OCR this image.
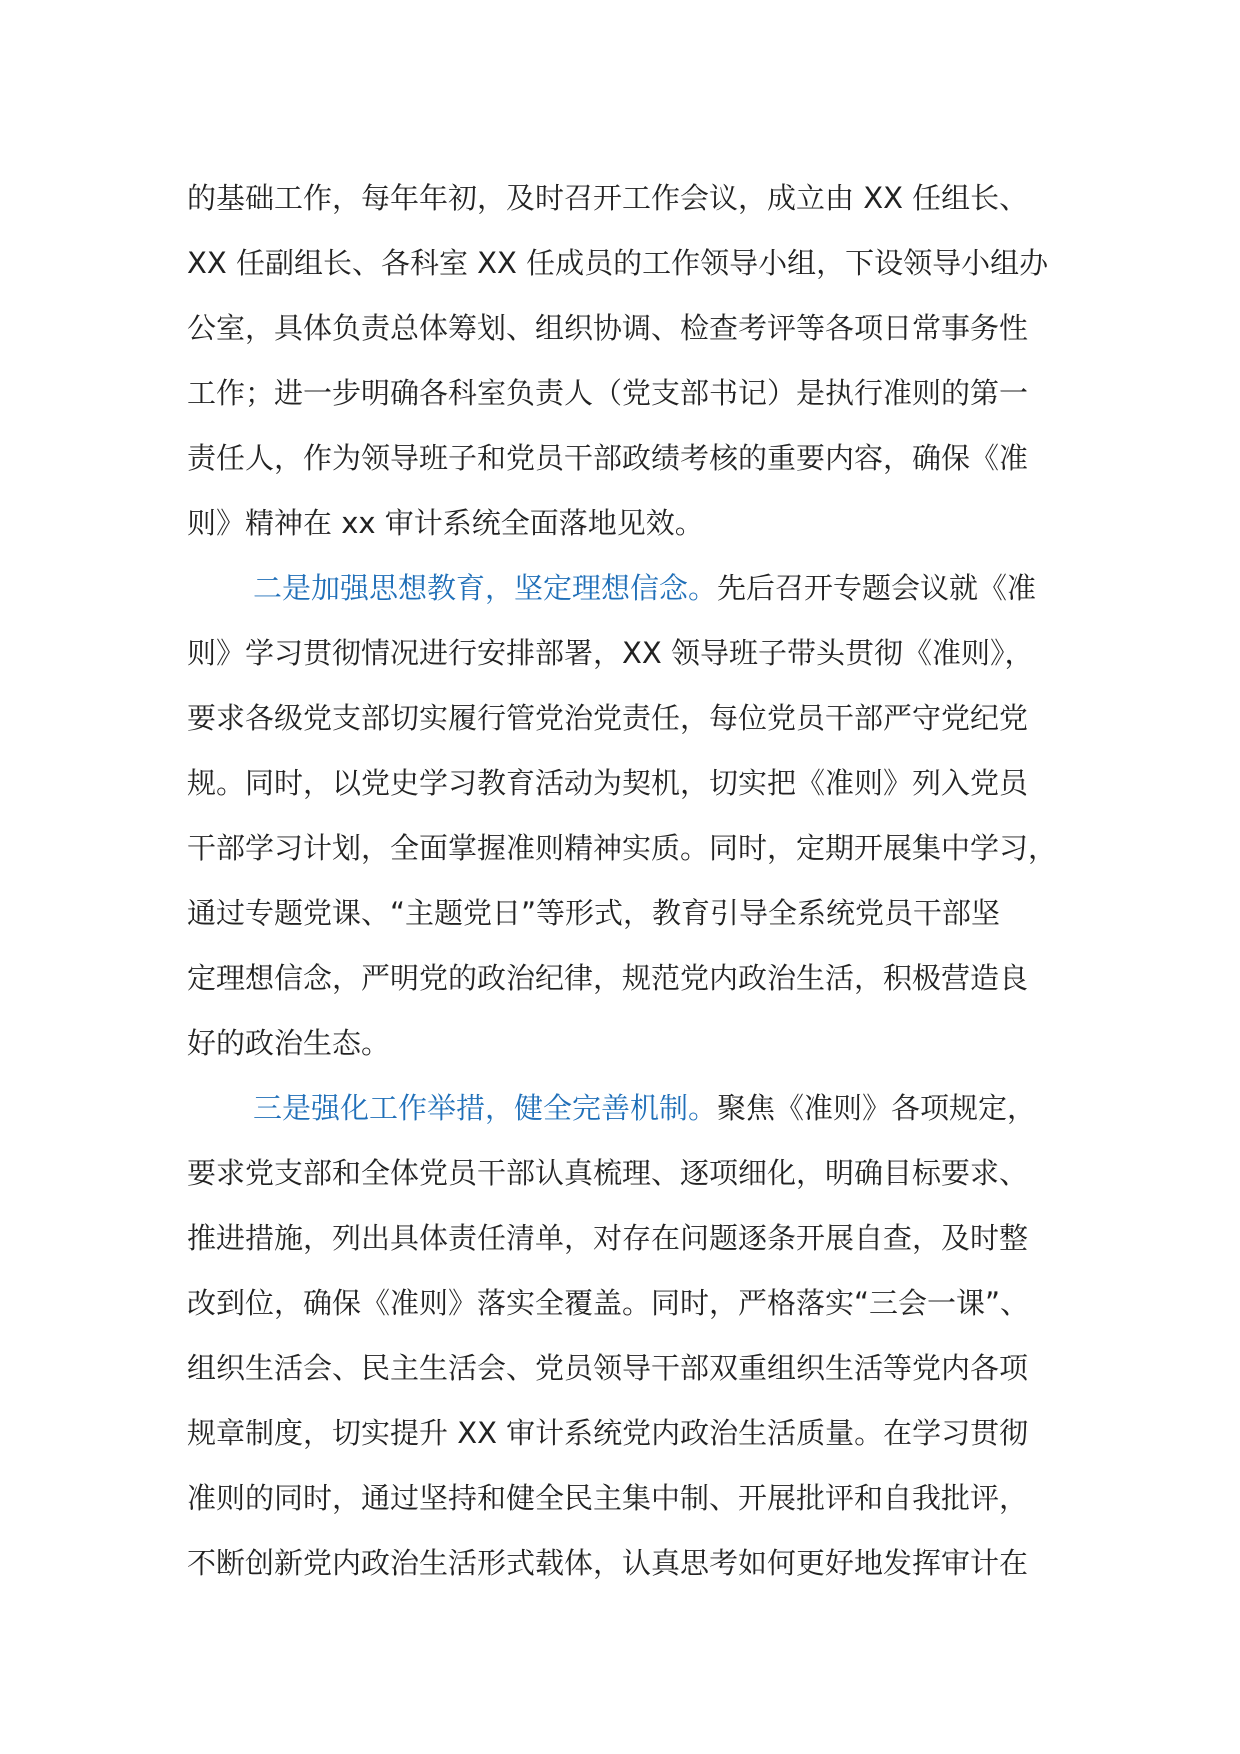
的基础工作，每年年初，及时召开工作会议，成立由 XX 任组长、
XX 任副组长、各科室 XX 任成员的工作领导小组，下设领导小组办
公室，具体负责总体筹划、组织协调、检查考评等各项日常事务性
工作；进一步明确各科室负责人（党支部书记）是执行准则的第一
责任人，作为领导班子和党员干部政绩考核的重要内容，确保《准
则》精神在 xx 审计系统全面落地见效。
二是加强思想教育，坚定理想信念。先后召开专题会议就《准
则》学习贯彻情况进行安排部署，XX 领导班子带头贯彻《准则》，
要求各级党支部切实履行管党治党责任，每位党员干部严守党纪党
规。同时，以党史学习教育活动为契机，切实把《准则》列入党员
干部学习计划，全面掌握准则精神实质。同时，定期开展集中学习，
通过专题党课、“主题党日”等形式，教育引导全系统党员干部坚
定理想信念，严明党的政治纪律，规范党内政治生活，积极营造良
好的政治生态。
三是强化工作举措，健全完善机制。聚焦《准则》各项规定，
要求党支部和全体党员干部认真梳理、逐项细化，明确目标要求、
推进措施，列出具体责任清单，对存在问题逐条开展自查，及时整
改到位，确保《准则》落实全覆盖。同时，严格落实“三会一课”、
组织生活会、民主生活会、党员领导干部双重组织生活等党内各项
规章制度，切实提升 XX 审计系统党内政治生活质量。在学习贯彻
准则的同时，通过坚持和健全民主集中制、开展批评和自我批评，
不断创新党内政治生活形式载体，认真思考如何更好地发挥审计在
